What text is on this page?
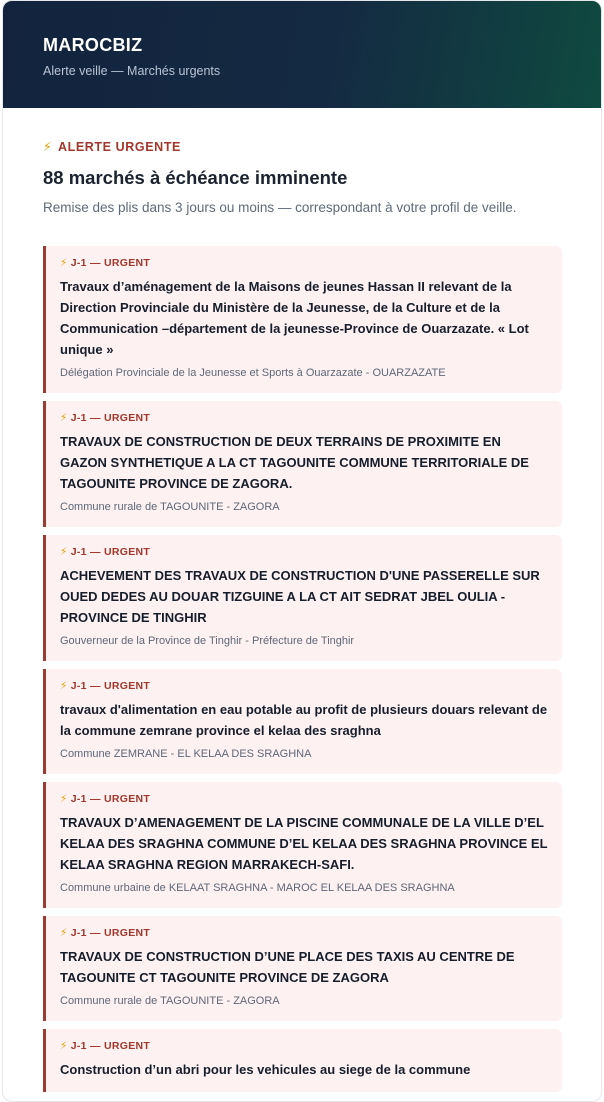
MAROCBIZ
Alerte veille — Marchés urgents
⚡ ALERTE URGENTE
88 marchés à échéance imminente
Remise des plis dans 3 jours ou moins — correspondant à votre profil de veille.
⚡ J-1 — URGENT
Travaux d’aménagement de la Maisons de jeunes Hassan II relevant de la Direction Provinciale du Ministère de la Jeunesse, de la Culture et de la Communication –département de la jeunesse-Province de Ouarzazate. « Lot unique »
Délégation Provinciale de la Jeunesse et Sports à Ouarzazate - OUARZAZATE
⚡ J-1 — URGENT
TRAVAUX DE CONSTRUCTION DE DEUX TERRAINS DE PROXIMITE EN GAZON SYNTHETIQUE A LA CT TAGOUNITE COMMUNE TERRITORIALE DE TAGOUNITE PROVINCE DE ZAGORA.
Commune rurale de TAGOUNITE - ZAGORA
⚡ J-1 — URGENT
ACHEVEMENT DES TRAVAUX DE CONSTRUCTION D'UNE PASSERELLE SUR OUED DEDES AU DOUAR TIZGUINE A LA CT AIT SEDRAT JBEL OULIA - PROVINCE DE TINGHIR
Gouverneur de la Province de Tinghir - Préfecture de Tinghir
⚡ J-1 — URGENT
travaux d'alimentation en eau potable au profit de plusieurs douars relevant de la commune zemrane province el kelaa des sraghna
Commune ZEMRANE - EL KELAA DES SRAGHNA
⚡ J-1 — URGENT
TRAVAUX D’AMENAGEMENT DE LA PISCINE COMMUNALE DE LA VILLE D’EL KELAA DES SRAGHNA COMMUNE D’EL KELAA DES SRAGHNA PROVINCE EL KELAA SRAGHNA REGION MARRAKECH-SAFI.
Commune urbaine de KELAAT SRAGHNA - MAROC EL KELAA DES SRAGHNA
⚡ J-1 — URGENT
TRAVAUX DE CONSTRUCTION D’UNE PLACE DES TAXIS AU CENTRE DE TAGOUNITE CT TAGOUNITE PROVINCE DE ZAGORA
Commune rurale de TAGOUNITE - ZAGORA
⚡ J-1 — URGENT
Construction d’un abri pour les vehicules au siege de la commune
